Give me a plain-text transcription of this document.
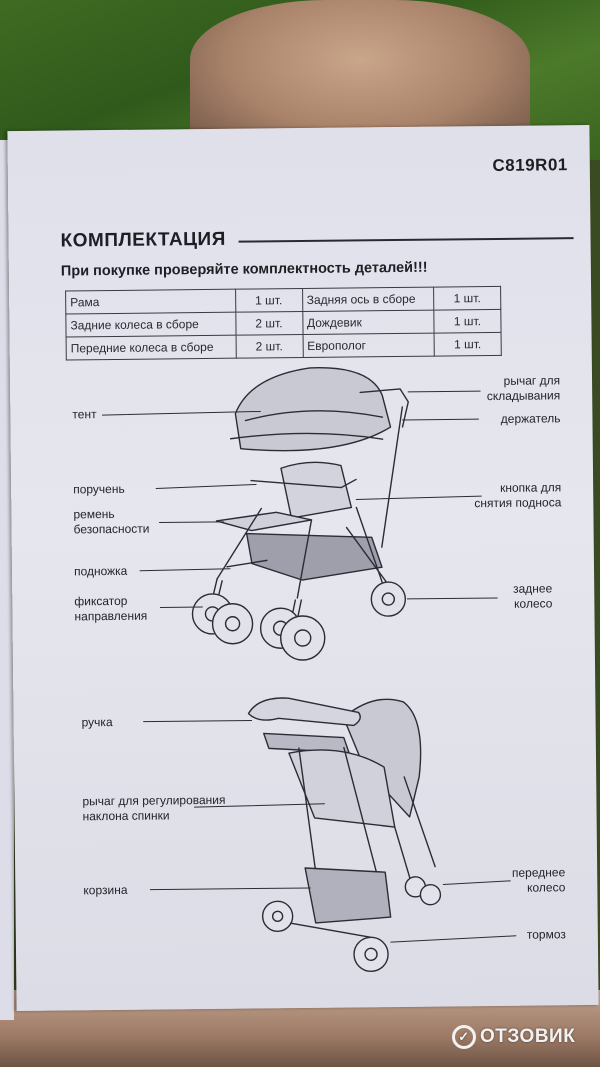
C819R01
КОМПЛЕКТАЦИЯ
При покупке проверяйте комплектность деталей!!!
Рама	1 шт.	Задняя ось в сборе	1 шт.
Задние колеса в сборе	2 шт.	Дождевик	1 шт.
Передние колеса в сборе	2 шт.	Европолог	1 шт.
тент
поручень
ремень
безопасности
подножка
фиксатор
направления
рычаг для
складывания
держатель
кнопка для
снятия подноса
заднее
колесо
ручка
рычаг для регулирования
наклона спинки
корзина
переднее
колесо
тормоз
✓ ОТЗОВИК
